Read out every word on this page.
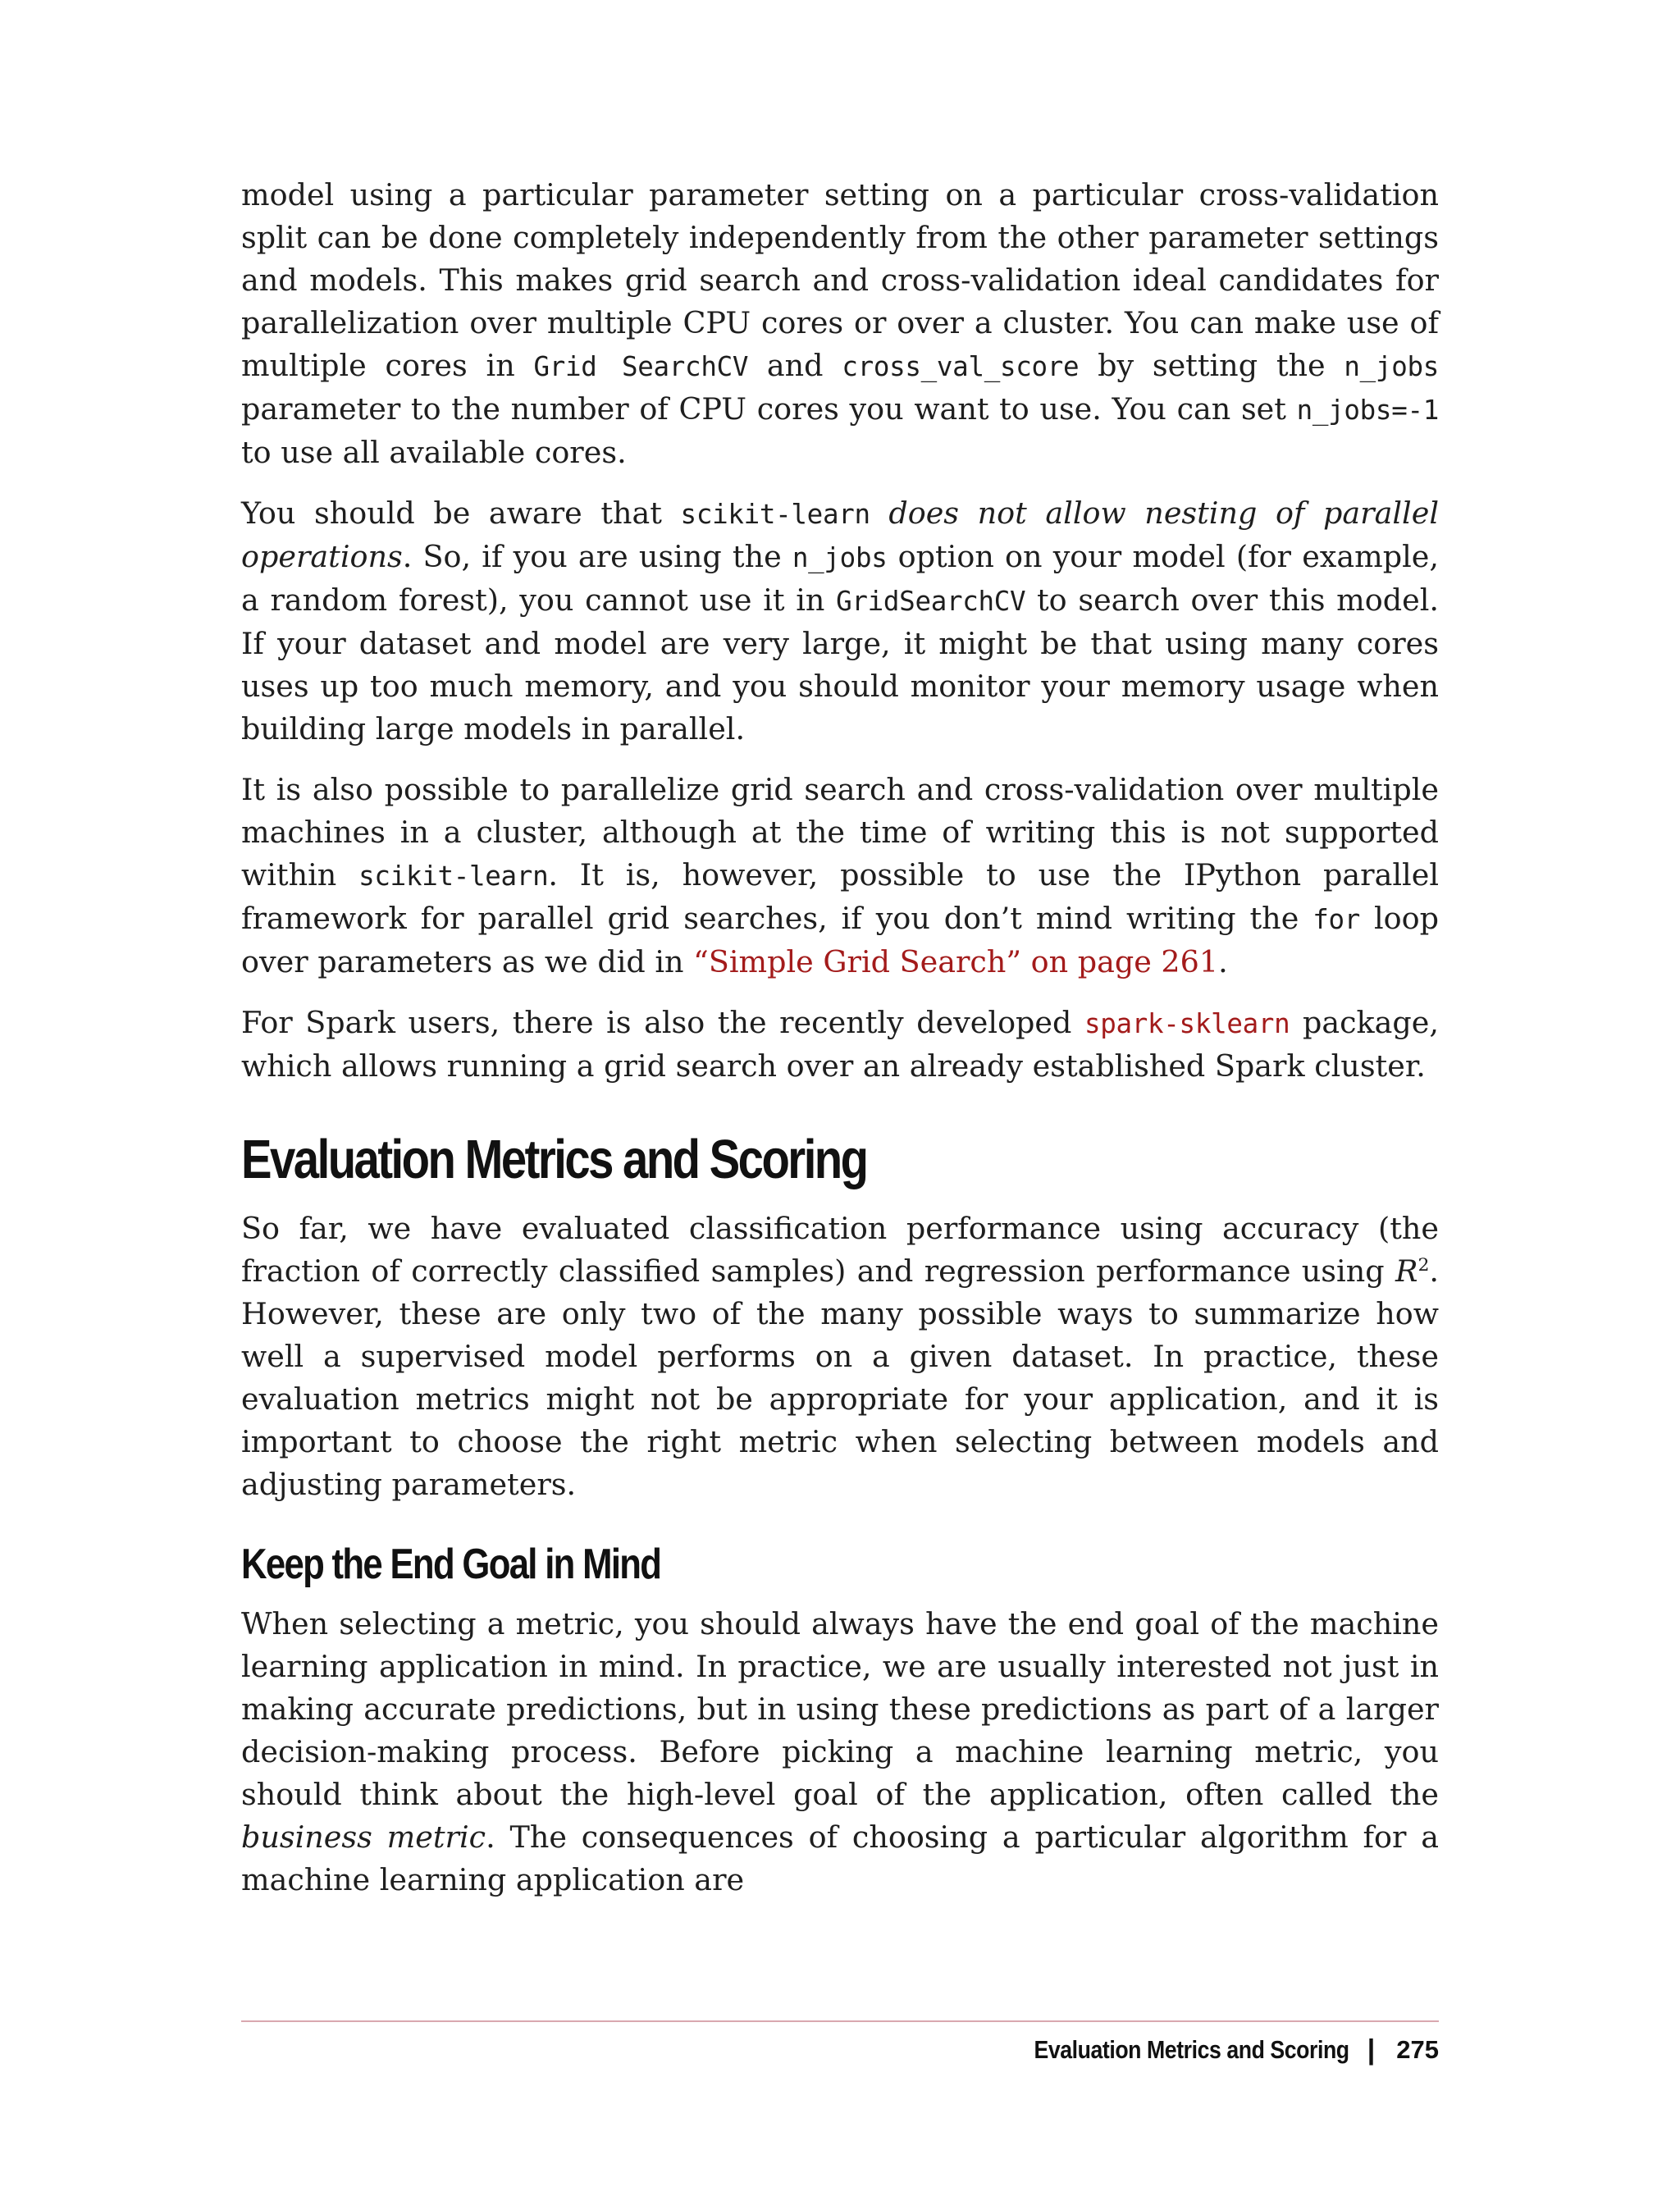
model using a particular parameter setting on a particular cross-validation split can be done completely independently from the other parameter settings and models. This makes grid search and cross-validation ideal candidates for parallelization over multiple CPU cores or over a cluster. You can make use of multiple cores in Grid SearchCV and cross_val_score by setting the n_jobs parameter to the number of CPU cores you want to use. You can set n_jobs=-1 to use all available cores.

You should be aware that scikit-learn does not allow nesting of parallel operations. So, if you are using the n_jobs option on your model (for example, a random forest), you cannot use it in GridSearchCV to search over this model. If your dataset and model are very large, it might be that using many cores uses up too much memory, and you should monitor your memory usage when building large models in parallel.

It is also possible to parallelize grid search and cross-validation over multiple machines in a cluster, although at the time of writing this is not supported within scikit-learn. It is, however, possible to use the IPython parallel framework for parallel grid searches, if you don’t mind writing the for loop over parameters as we did in “Simple Grid Search” on page 261.

For Spark users, there is also the recently developed spark-sklearn package, which allows running a grid search over an already established Spark cluster.

Evaluation Metrics and Scoring

So far, we have evaluated classification performance using accuracy (the fraction of correctly classified samples) and regression performance using $R^2$. However, these are only two of the many possible ways to summarize how well a supervised model performs on a given dataset. In practice, these evaluation metrics might not be appropriate for your application, and it is important to choose the right metric when selecting between models and adjusting parameters.

Keep the End Goal in Mind

When selecting a metric, you should always have the end goal of the machine learning application in mind. In practice, we are usually interested not just in making accurate predictions, but in using these predictions as part of a larger decision-making process. Before picking a machine learning metric, you should think about the high-level goal of the application, often called the business metric. The consequences of choosing a particular algorithm for a machine learning application are

Evaluation Metrics and Scoring | 275
